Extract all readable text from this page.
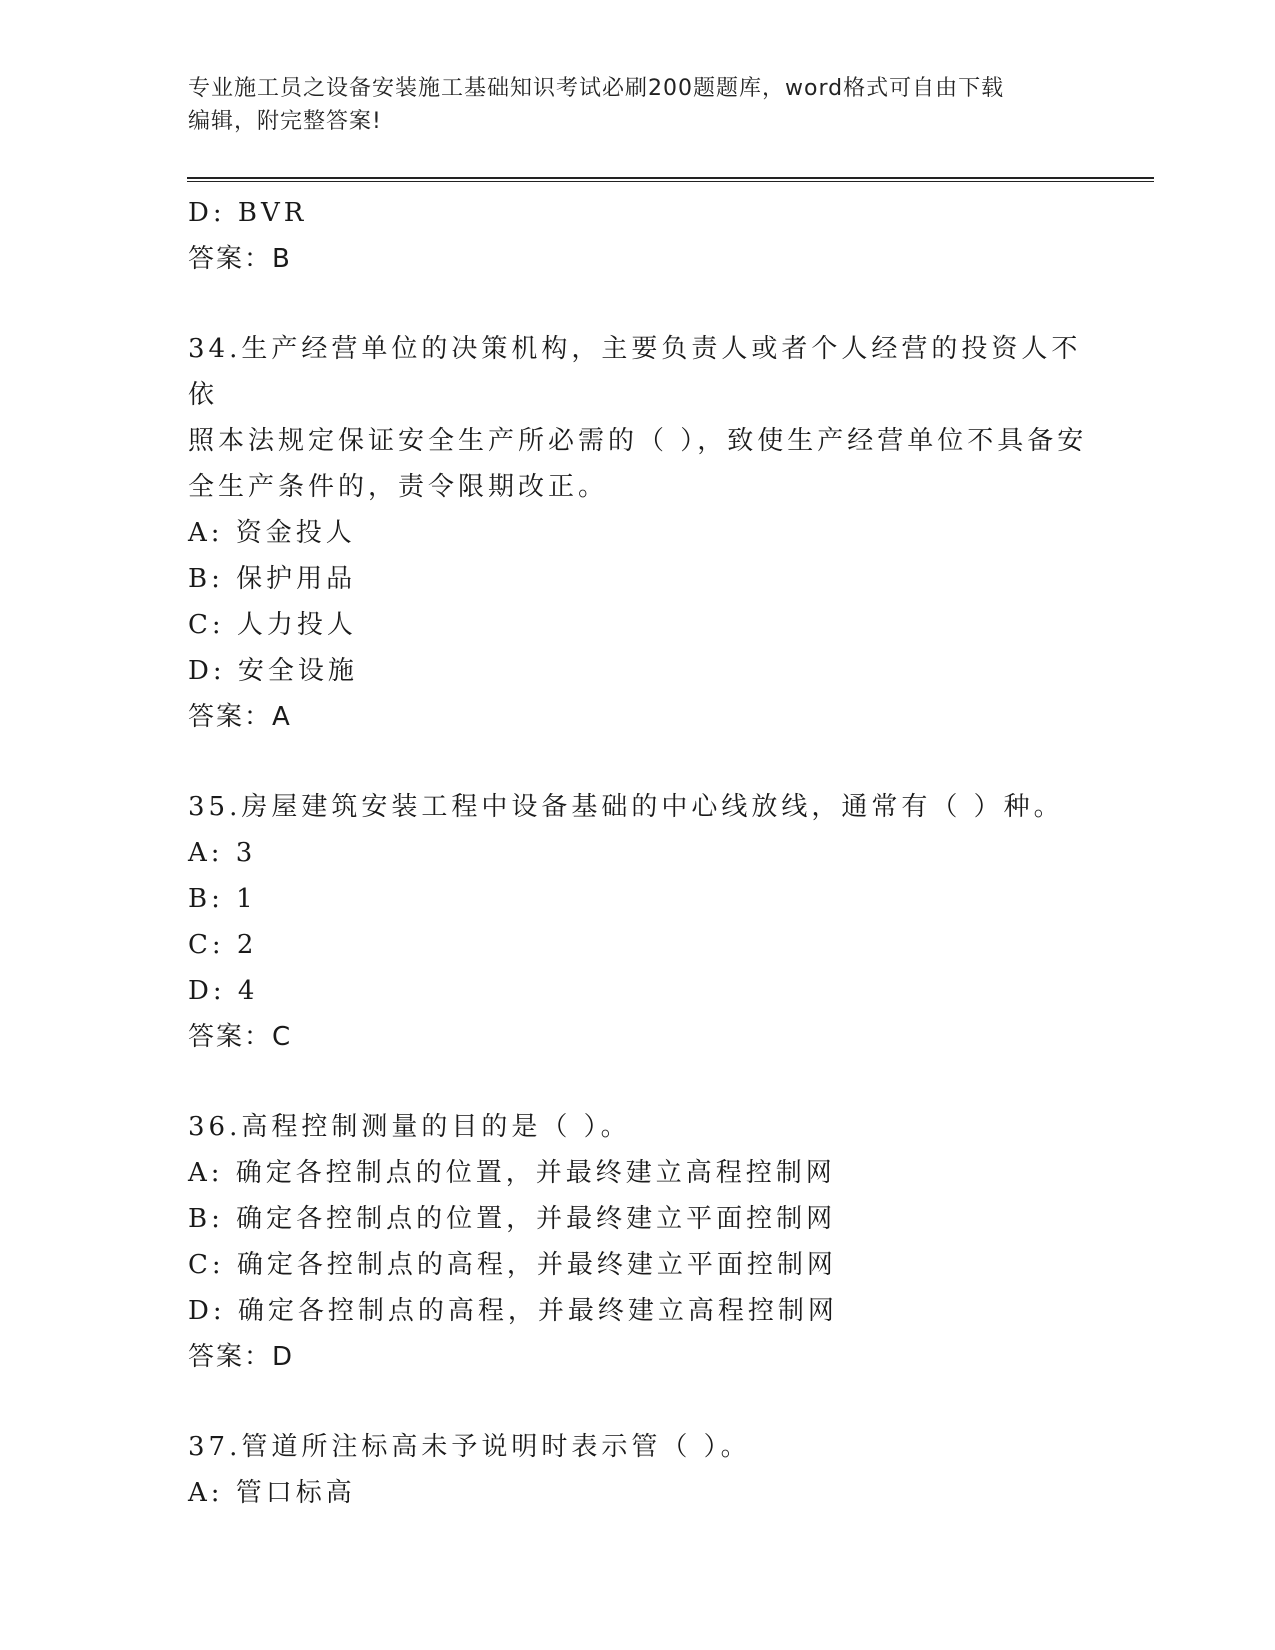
专业施工员之设备安装施工基础知识考试必刷200题题库，word格式可自由下载
编辑，附完整答案!
D: BVR
答案：B
34.生产经营单位的决策机构，主要负责人或者个人经营的投资人不依
照本法规定保证安全生产所必需的（ ），致使生产经营单位不具备安
全生产条件的，责令限期改正。
A: 资金投人
B: 保护用品
C: 人力投人
D: 安全设施
答案：A
35.房屋建筑安装工程中设备基础的中心线放线，通常有（ ）种。
A: 3
B: 1
C: 2
D: 4
答案：C
36.高程控制测量的目的是（ ）。
A: 确定各控制点的位置，并最终建立高程控制网
B: 确定各控制点的位置，并最终建立平面控制网
C: 确定各控制点的高程，并最终建立平面控制网
D: 确定各控制点的高程，并最终建立高程控制网
答案：D
37.管道所注标高未予说明时表示管（ ）。
A: 管口标高
